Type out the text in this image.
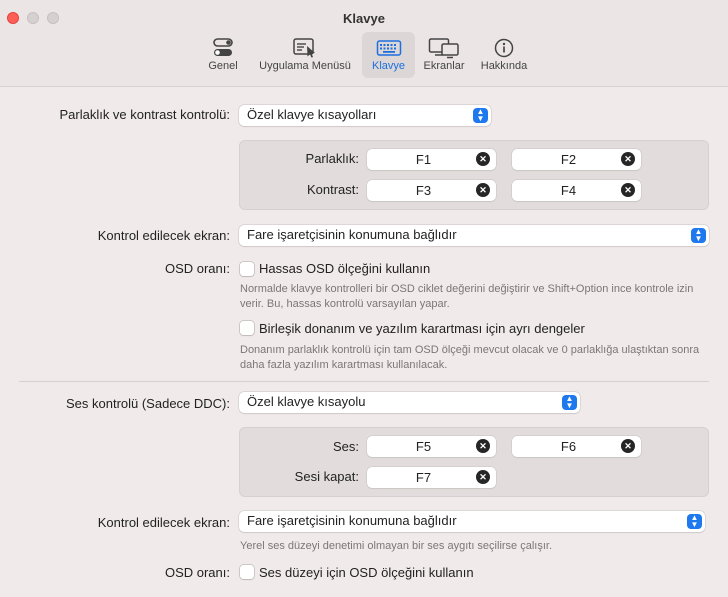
Klavye
Genel	Uygulama Menüsü	Klavye	Ekranlar	Hakkında
Parlaklık ve kontrast kontrolü:	Özel klavye kısayolları	▲
▼
Parlaklık:	F1	✕	F2	✕
Kontrast:	F3	✕	F4	✕
Kontrol edilecek ekran:	Fare işaretçisinin konumuna bağlıdır	▲
▼
OSD oranı: Hassas OSD ölçeğini kullanın
Normalde klavye kontrolleri bir OSD ciklet değerini değiştirir ve Shift+Option ince kontrole izin verir. Bu, hassas kontrolü varsayılan yapar.
Birleşik donanım ve yazılım karartması için ayrı dengeler
Donanım parlaklık kontrolü için tam OSD ölçeği mevcut olacak ve 0 parlaklığa ulaştıktan sonra daha fazla yazılım karartması kullanılacak.
Ses kontrolü (Sadece DDC):	Özel klavye kısayolu	▲
▼
Ses:	F5	✕	F6	✕
Sesi kapat:	F7	✕
Kontrol edilecek ekran:	Fare işaretçisinin konumuna bağlıdır	▲
▼
Yerel ses düzeyi denetimi olmayan bir ses aygıtı seçilirse çalışır.
OSD oranı: Ses düzeyi için OSD ölçeğini kullanın
